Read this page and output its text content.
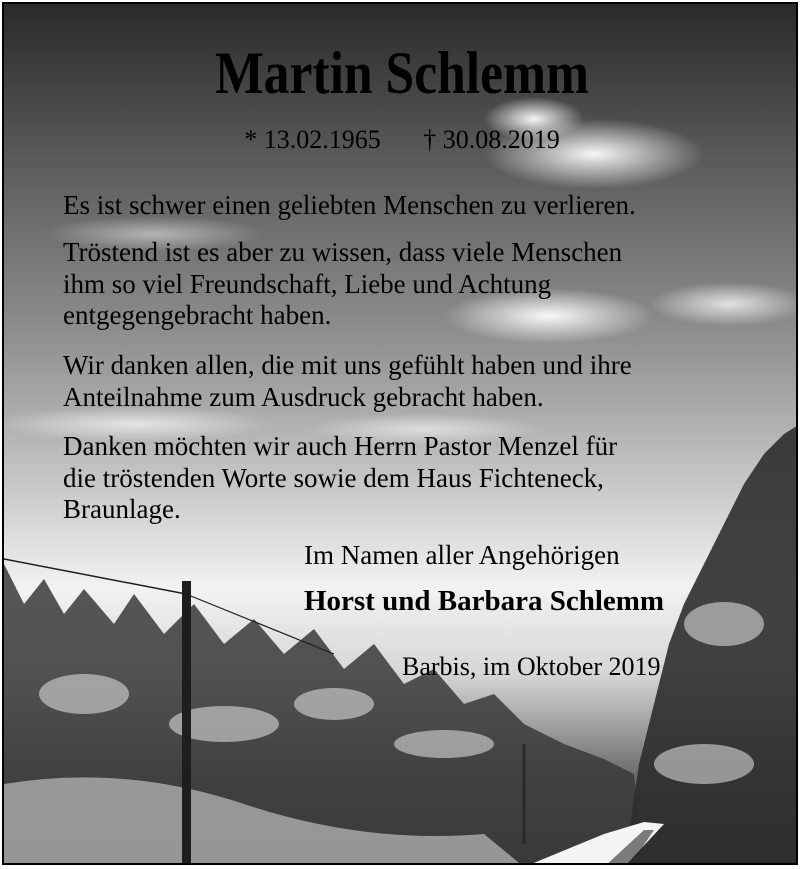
Martin Schlemm
* 13.02.1965 † 30.08.2019
Es ist schwer einen geliebten Menschen zu verlieren.
Tröstend ist es aber zu wissen, dass viele Menschen
ihm so viel Freundschaft, Liebe und Achtung
entgegengebracht haben.
Wir danken allen, die mit uns gefühlt haben und ihre
Anteilnahme zum Ausdruck gebracht haben.
Danken möchten wir auch Herrn Pastor Menzel für
die tröstenden Worte sowie dem Haus Fichteneck,
Braunlage.
Im Namen aller Angehörigen
Horst und Barbara Schlemm
Barbis, im Oktober 2019
